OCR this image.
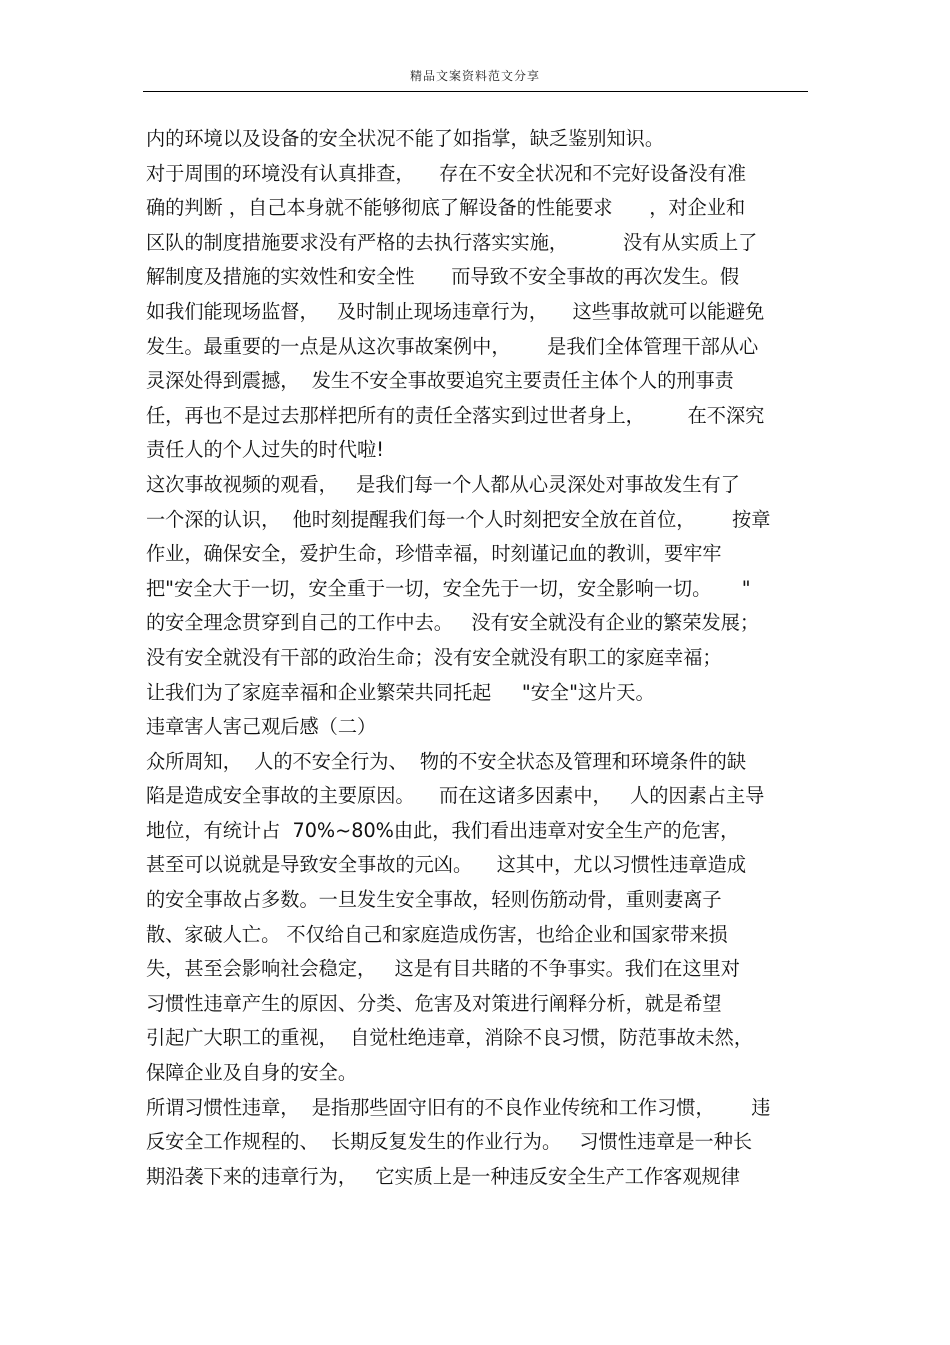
精品文案资料范文分享
内的环境以及设备的安全状况不能了如指掌，缺乏鉴别知识。
对于周围的环境没有认真排查，    存在不安全状况和不完好设备没有准
确的判断 ，自己本身就不能够彻底了解设备的性能要求      ，对企业和
区队的制度措施要求没有严格的去执行落实实施，         没有从实质上了
解制度及措施的实效性和安全性      而导致不安全事故的再次发生。假
如我们能现场监督，   及时制止现场违章行为，    这些事故就可以能避免
发生。最重要的一点是从这次事故案例中，      是我们全体管理干部从心
灵深处得到震撼，  发生不安全事故要追究主要责任主体个人的刑事责
任，再也不是过去那样把所有的责任全落实到过世者身上，       在不深究
责任人的个人过失的时代啦!
这次事故视频的观看，   是我们每一个人都从心灵深处对事故发生有了
一个深的认识，  他时刻提醒我们每一个人时刻把安全放在首位，      按章
作业，确保安全，爱护生命，珍惜幸福，时刻谨记血的教训，要牢牢
把"安全大于一切，安全重于一切，安全先于一切，安全影响一切。     "
的安全理念贯穿到自己的工作中去。   没有安全就没有企业的繁荣发展；
没有安全就没有干部的政治生命；没有安全就没有职工的家庭幸福；
让我们为了家庭幸福和企业繁荣共同托起     "安全"这片天。
违章害人害己观后感（二）
众所周知，  人的不安全行为、  物的不安全状态及管理和环境条件的缺
陷是造成安全事故的主要原因。    而在这诸多因素中，   人的因素占主导
地位，有统计占  70%~80%由此，我们看出违章对安全生产的危害，
甚至可以说就是导致安全事故的元凶。    这其中，尤以习惯性违章造成
的安全事故占多数。一旦发生安全事故，轻则伤筋动骨，重则妻离子
散、家破人亡。 不仅给自己和家庭造成伤害，也给企业和国家带来损
失，甚至会影响社会稳定，   这是有目共睹的不争事实。我们在这里对
习惯性违章产生的原因、分类、危害及对策进行阐释分析，就是希望
引起广大职工的重视，  自觉杜绝违章，消除不良习惯，防范事故未然，
保障企业及自身的安全。
所谓习惯性违章，  是指那些固守旧有的不良作业传统和工作习惯，      违
反安全工作规程的、  长期反复发生的作业行为。   习惯性违章是一种长
期沿袭下来的违章行为，   它实质上是一种违反安全生产工作客观规律
